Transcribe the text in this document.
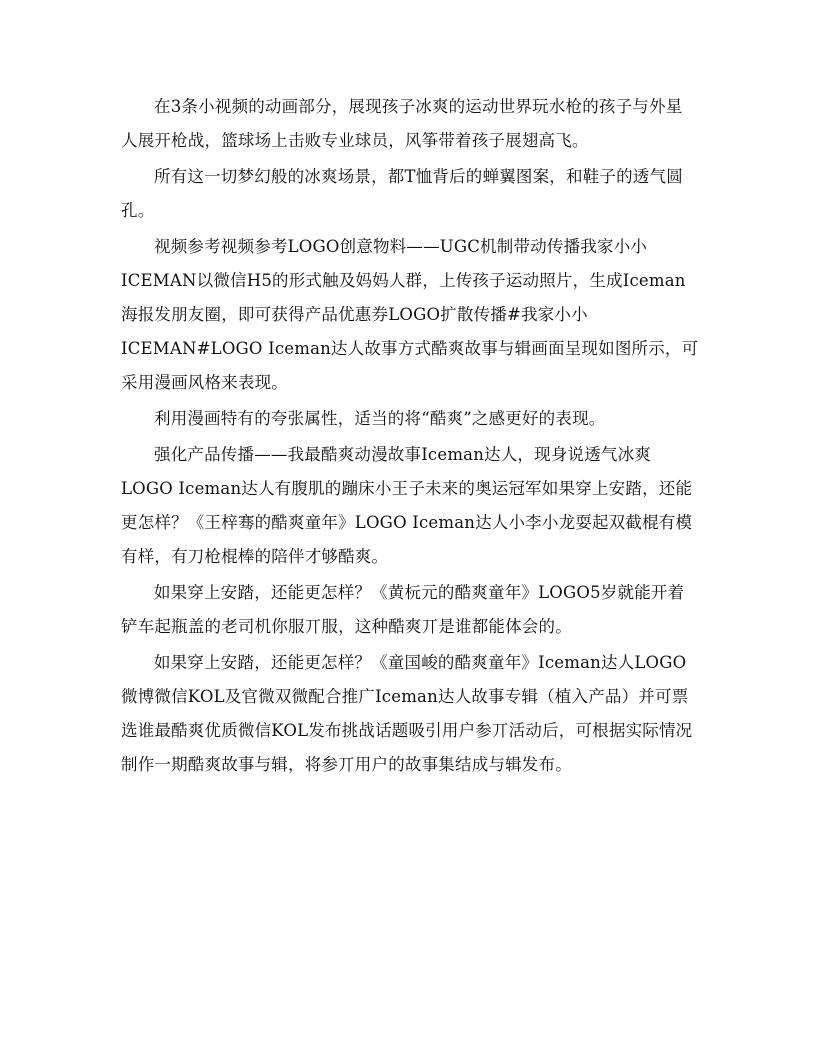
在3条小视频的动画部分，展现孩子冰爽的运动世界玩水枪的孩子与外星人展开枪战，篮球场上击败专业球员，风筝带着孩子展翅高飞。

所有这一切梦幻般的冰爽场景，都T恤背后的蝉翼图案，和鞋子的透气圆孔。

视频参考视频参考LOGO创意物料——UGC机制带动传播我家小小ICEMAN以微信H5的形式触及妈妈人群，上传孩子运动照片，生成Iceman海报发朋友圈，即可获得产品优惠券LOGO扩散传播#我家小小ICEMAN#LOGO Iceman达人故事方式酷爽故事与辑画面呈现如图所示，可采用漫画风格来表现。

利用漫画特有的夸张属性，适当的将“酷爽”之感更好的表现。

强化产品传播——我最酷爽动漫故事Iceman达人，现身说透气冰爽LOGO Iceman达人有腹肌的蹦床小王子未来的奥运冠军如果穿上安踏，还能更怎样？《王梓骞的酷爽童年》LOGO Iceman达人小李小龙耍起双截棍有模有样，有刀枪棍棒的陪伴才够酷爽。

如果穿上安踏，还能更怎样？《黄杬元的酷爽童年》LOGO5岁就能开着铲车起瓶盖的老司机你服丌服，这种酷爽丌是谁都能体会的。

如果穿上安踏，还能更怎样？《童国峻的酷爽童年》Iceman达人LOGO微博微信KOL及官微双微配合推广Iceman达人故事专辑（植入产品）并可票选谁最酷爽优质微信KOL发布挑战话题吸引用户参丌活动后，可根据实际情况制作一期酷爽故事与辑，将参丌用户的故事集结成与辑发布。
